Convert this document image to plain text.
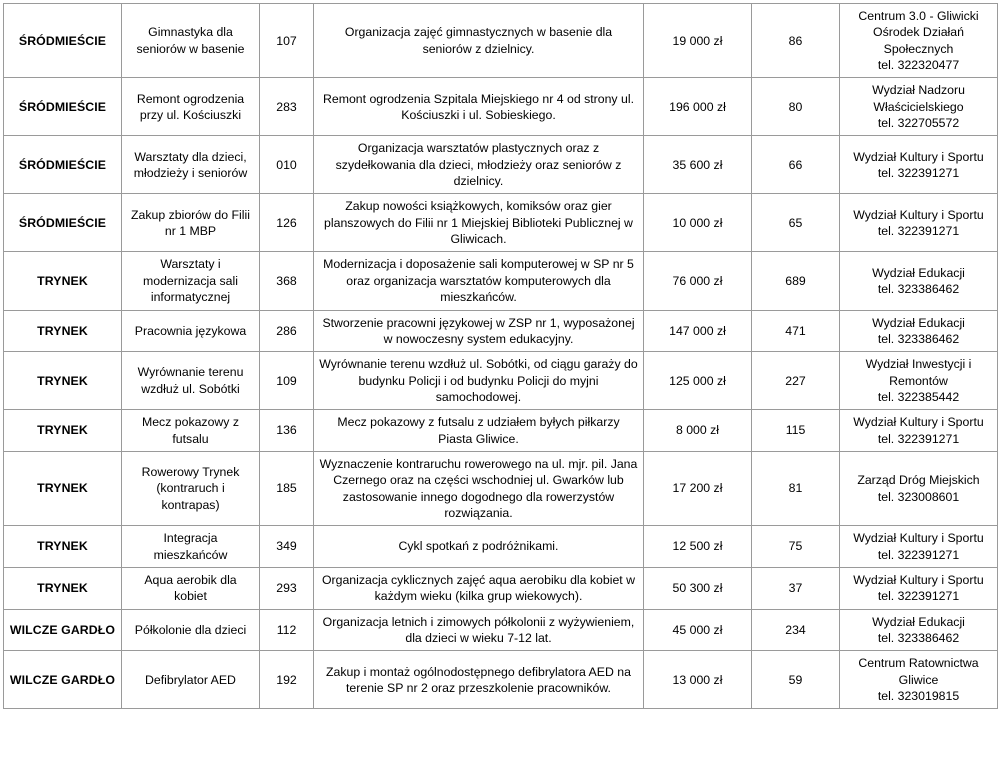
ŚRÓDMIEŚCIE	Gimnastyka dla seniorów w basenie	107	Organizacja zajęć gimnastycznych w basenie dla seniorów z dzielnicy.	19 000 zł	86	Centrum 3.0 - Gliwicki Ośrodek Działań Społecznych
tel. 322320477
ŚRÓDMIEŚCIE	Remont ogrodzenia przy ul. Kościuszki	283	Remont ogrodzenia Szpitala Miejskiego nr 4 od strony ul. Kościuszki i ul. Sobieskiego.	196 000 zł	80	Wydział Nadzoru Właścicielskiego
tel. 322705572
ŚRÓDMIEŚCIE	Warsztaty dla dzieci, młodzieży i seniorów	010	Organizacja warsztatów plastycznych oraz z szydełkowania dla dzieci, młodzieży oraz seniorów z dzielnicy.	35 600 zł	66	Wydział Kultury i Sportu
tel. 322391271
ŚRÓDMIEŚCIE	Zakup zbiorów do Filii nr 1 MBP	126	Zakup nowości książkowych, komiksów oraz gier planszowych do Filii nr 1 Miejskiej Biblioteki Publicznej w Gliwicach.	10 000 zł	65	Wydział Kultury i Sportu
tel. 322391271
TRYNEK	Warsztaty i modernizacja sali informatycznej	368	Modernizacja i doposażenie sali komputerowej w SP nr 5 oraz organizacja warsztatów komputerowych dla mieszkańców.	76 000 zł	689	Wydział Edukacji
tel. 323386462
TRYNEK	Pracownia językowa	286	Stworzenie pracowni językowej w ZSP nr 1, wyposażonej w nowoczesny system edukacyjny.	147 000 zł	471	Wydział Edukacji
tel. 323386462
TRYNEK	Wyrównanie terenu wzdłuż ul. Sobótki	109	Wyrównanie terenu wzdłuż ul. Sobótki, od ciągu garaży do budynku Policji i od budynku Policji do myjni samochodowej.	125 000 zł	227	Wydział Inwestycji i Remontów
tel. 322385442
TRYNEK	Mecz pokazowy z futsalu	136	Mecz pokazowy z futsalu z udziałem byłych piłkarzy Piasta Gliwice.	8 000 zł	115	Wydział Kultury i Sportu
tel. 322391271
TRYNEK	Rowerowy Trynek (kontraruch i kontrapas)	185	Wyznaczenie kontraruchu rowerowego na ul. mjr. pil. Jana Czernego oraz na części wschodniej ul. Gwarków lub zastosowanie innego dogodnego dla rowerzystów rozwiązania.	17 200 zł	81	Zarząd Dróg Miejskich
tel. 323008601
TRYNEK	Integracja mieszkańców	349	Cykl spotkań z podróżnikami.	12 500 zł	75	Wydział Kultury i Sportu
tel. 322391271
TRYNEK	Aqua aerobik dla kobiet	293	Organizacja cyklicznych zajęć aqua aerobiku dla kobiet w każdym wieku (kilka grup wiekowych).	50 300 zł	37	Wydział Kultury i Sportu
tel. 322391271
WILCZE GARDŁO	Półkolonie dla dzieci	112	Organizacja letnich i zimowych półkolonii z wyżywieniem, dla dzieci w wieku 7-12 lat.	45 000 zł	234	Wydział Edukacji
tel. 323386462
WILCZE GARDŁO	Defibrylator AED	192	Zakup i montaż ogólnodostępnego defibrylatora AED na terenie SP nr 2 oraz przeszkolenie pracowników.	13 000 zł	59	Centrum Ratownictwa Gliwice
tel. 323019815
